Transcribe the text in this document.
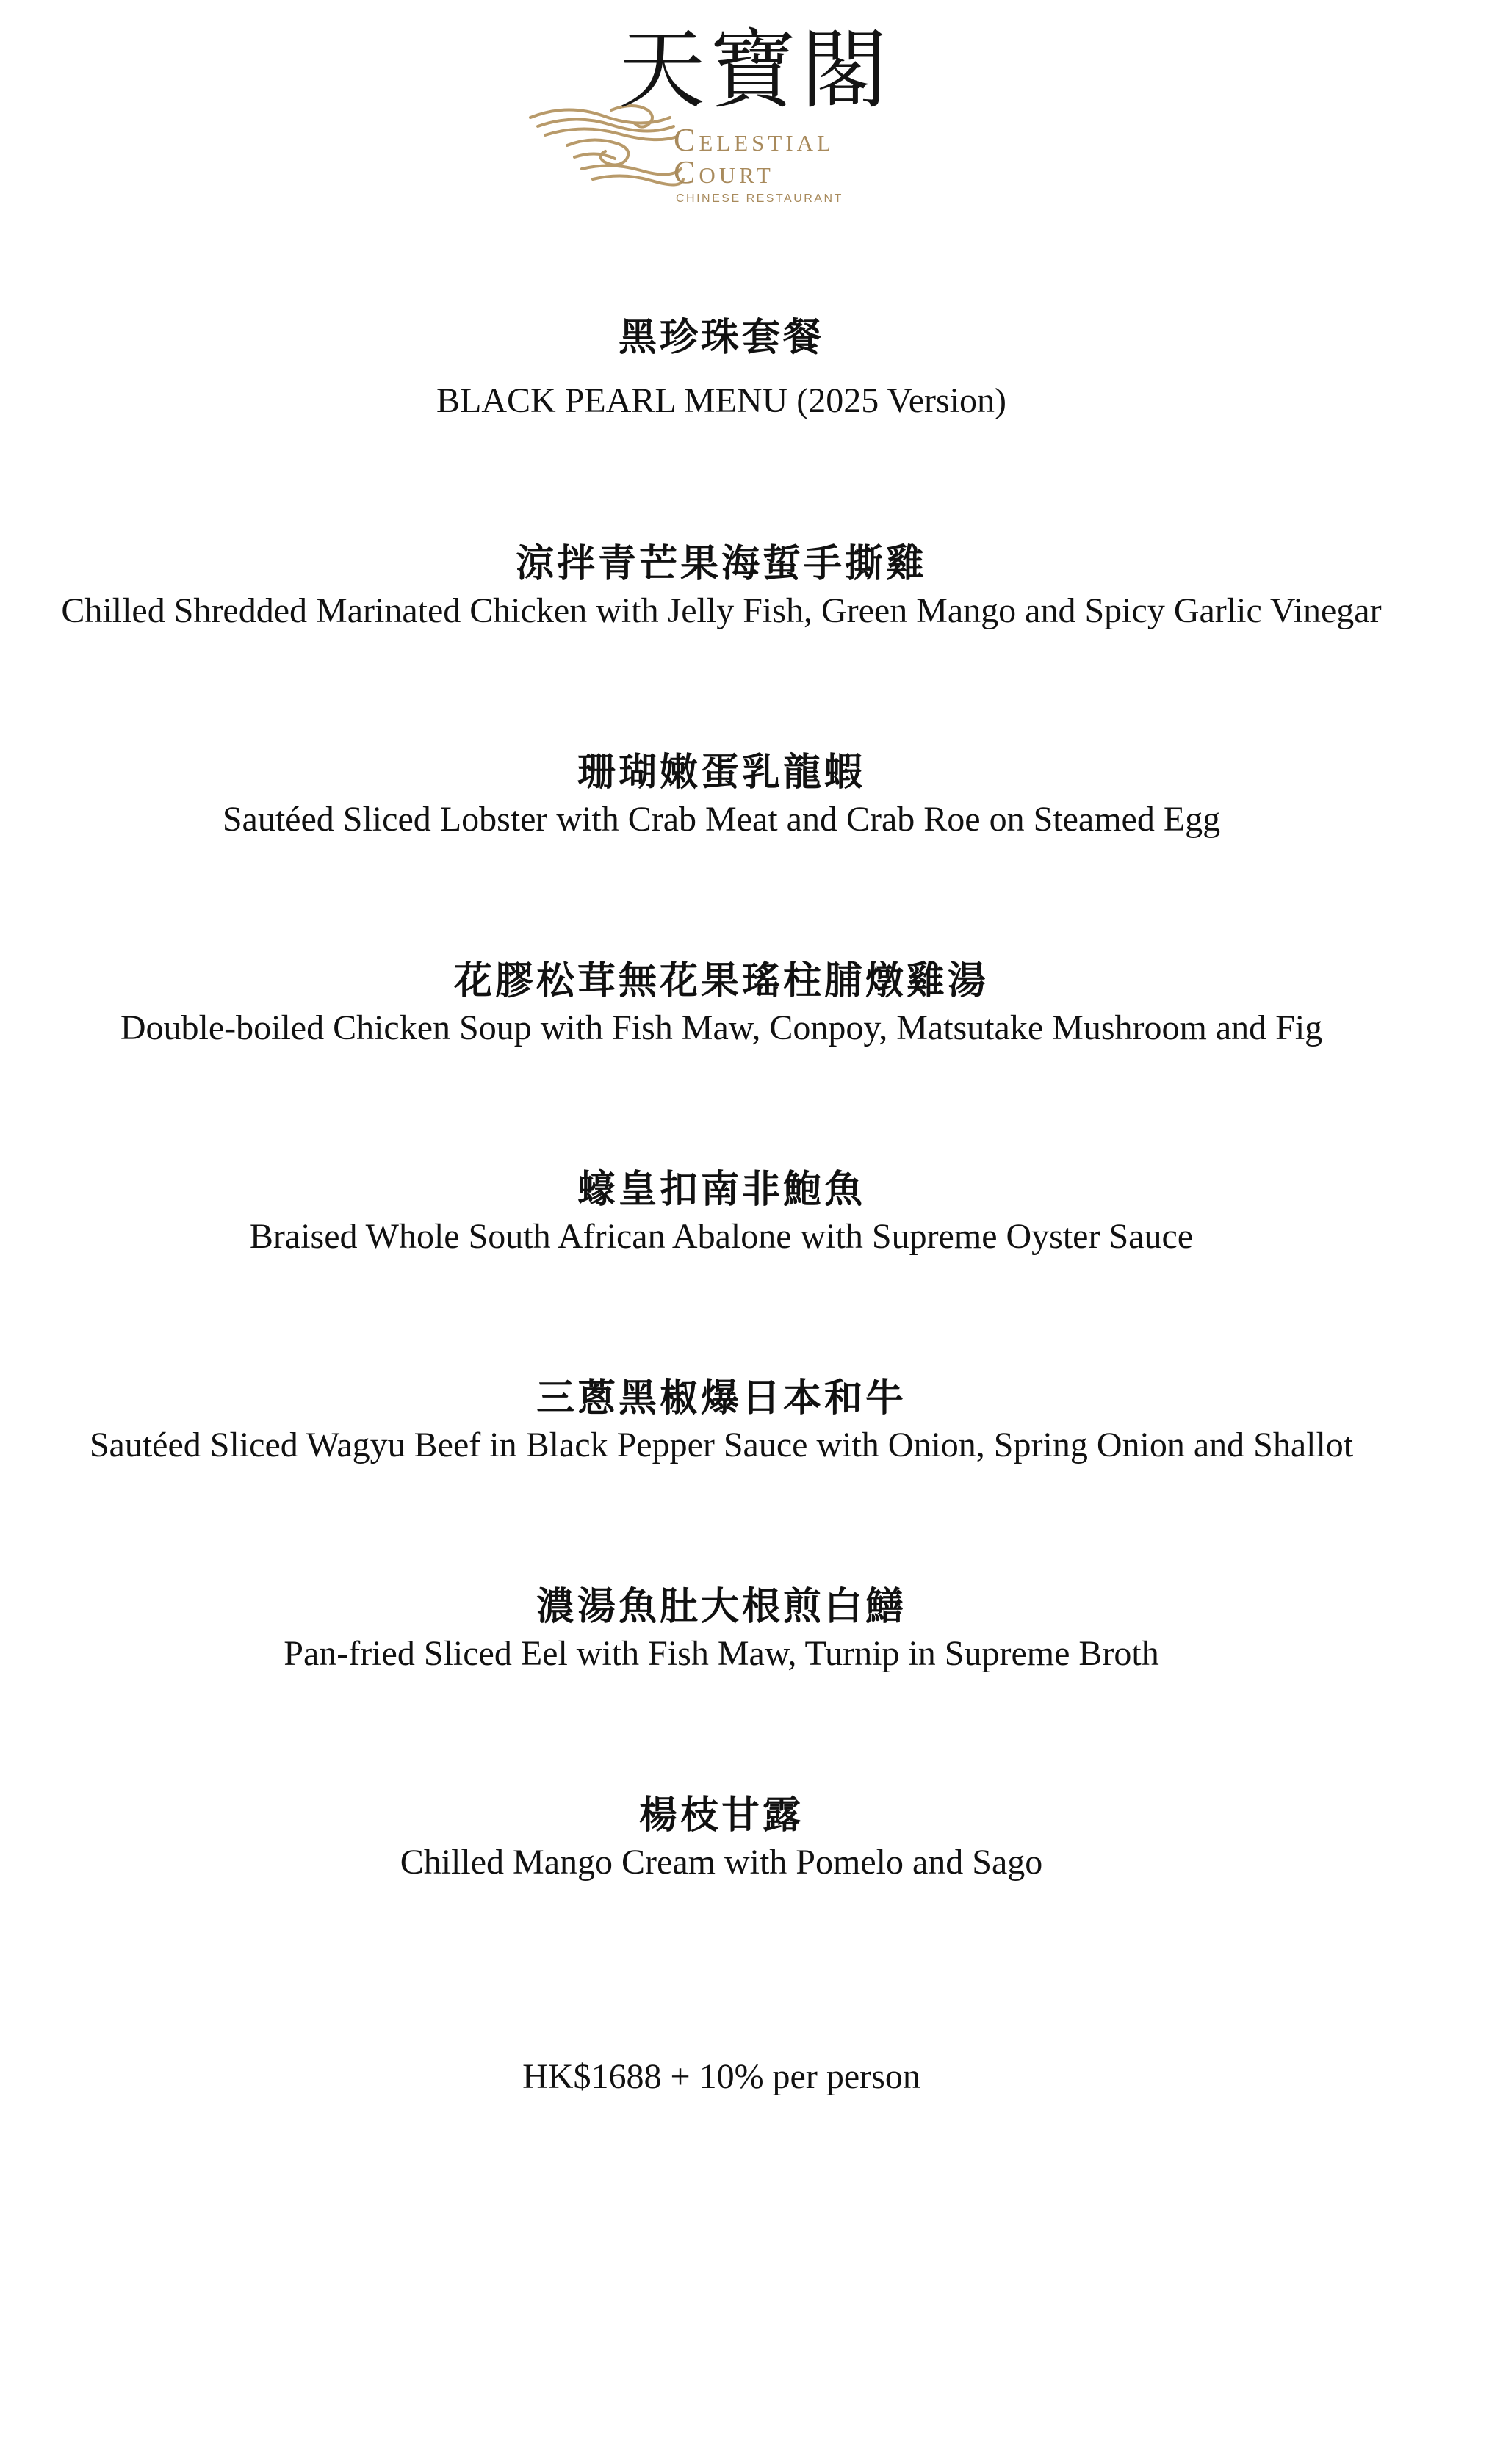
天寶閣
Celestial
Court
CHINESE RESTAURANT
黑珍珠套餐
BLACK PEARL MENU (2025 Version)
涼拌青芒果海蜇手撕雞
Chilled Shredded Marinated Chicken with Jelly Fish, Green Mango and Spicy Garlic Vinegar
珊瑚嫩蛋乳龍蝦
Sautéed Sliced Lobster with Crab Meat and Crab Roe on Steamed Egg
花膠松茸無花果瑤柱脯燉雞湯
Double-boiled Chicken Soup with Fish Maw, Conpoy, Matsutake Mushroom and Fig
蠔皇扣南非鮑魚
Braised Whole South African Abalone with Supreme Oyster Sauce
三蔥黑椒爆日本和牛
Sautéed Sliced Wagyu Beef in Black Pepper Sauce with Onion, Spring Onion and Shallot
濃湯魚肚大根煎白鱔
Pan-fried Sliced Eel with Fish Maw, Turnip in Supreme Broth
楊枝甘露
Chilled Mango Cream with Pomelo and Sago
HK$1688 + 10% per person
